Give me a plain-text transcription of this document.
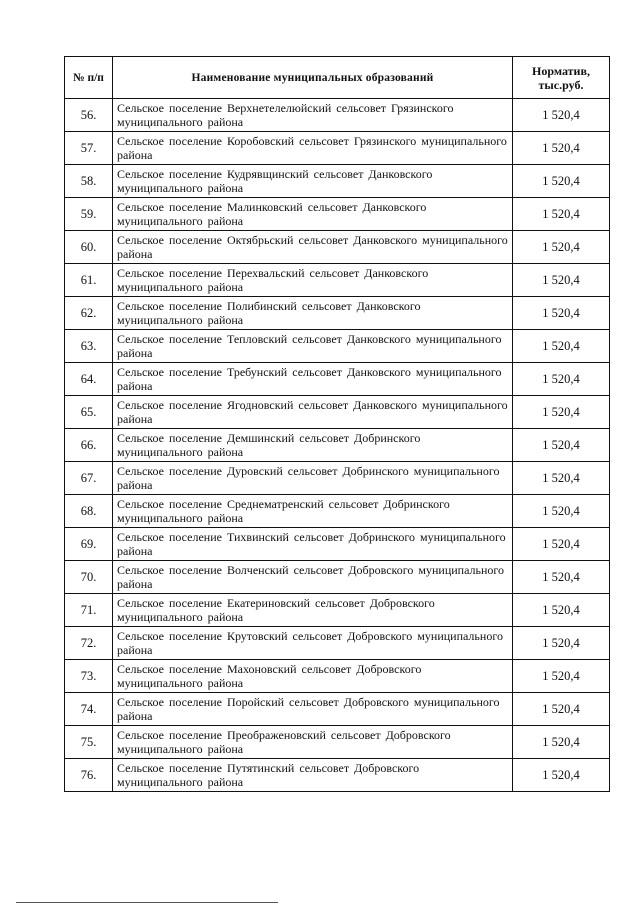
№ п/п	Наименование муниципальных образований	Норматив, тыс.руб.
56.	Сельское поселение Верхнетелелюйский сельсовет Грязинского муниципального района	1 520,4
57.	Сельское поселение Коробовский сельсовет Грязинского муниципального района	1 520,4
58.	Сельское поселение Кудрявщинский сельсовет Данковского муниципального района	1 520,4
59.	Сельское поселение Малинковский сельсовет Данковского муниципального района	1 520,4
60.	Сельское поселение Октябрьский сельсовет Данковского муниципального района	1 520,4
61.	Сельское поселение Перехвальский сельсовет Данковского муниципального района	1 520,4
62.	Сельское поселение Полибинский сельсовет Данковского муниципального района	1 520,4
63.	Сельское поселение Тепловский сельсовет Данковского муниципального района	1 520,4
64.	Сельское поселение Требунский сельсовет Данковского муниципального района	1 520,4
65.	Сельское поселение Ягодновский сельсовет Данковского муниципального района	1 520,4
66.	Сельское поселение Демшинский сельсовет Добринского муниципального района	1 520,4
67.	Сельское поселение Дуровский сельсовет Добринского муниципального района	1 520,4
68.	Сельское поселение Среднематренский сельсовет Добринского муниципального района	1 520,4
69.	Сельское поселение Тихвинский сельсовет Добринского муниципального района	1 520,4
70.	Сельское поселение Волченский сельсовет Добровского муниципального района	1 520,4
71.	Сельское поселение Екатериновский сельсовет Добровского муниципального района	1 520,4
72.	Сельское поселение Крутовский сельсовет Добровского муниципального района	1 520,4
73.	Сельское поселение Махоновский сельсовет Добровского муниципального района	1 520,4
74.	Сельское поселение Поройский сельсовет Добровского муниципального района	1 520,4
75.	Сельское поселение Преображеновский сельсовет Добровского муниципального района	1 520,4
76.	Сельское поселение Путятинский сельсовет Добровского муниципального района	1 520,4
